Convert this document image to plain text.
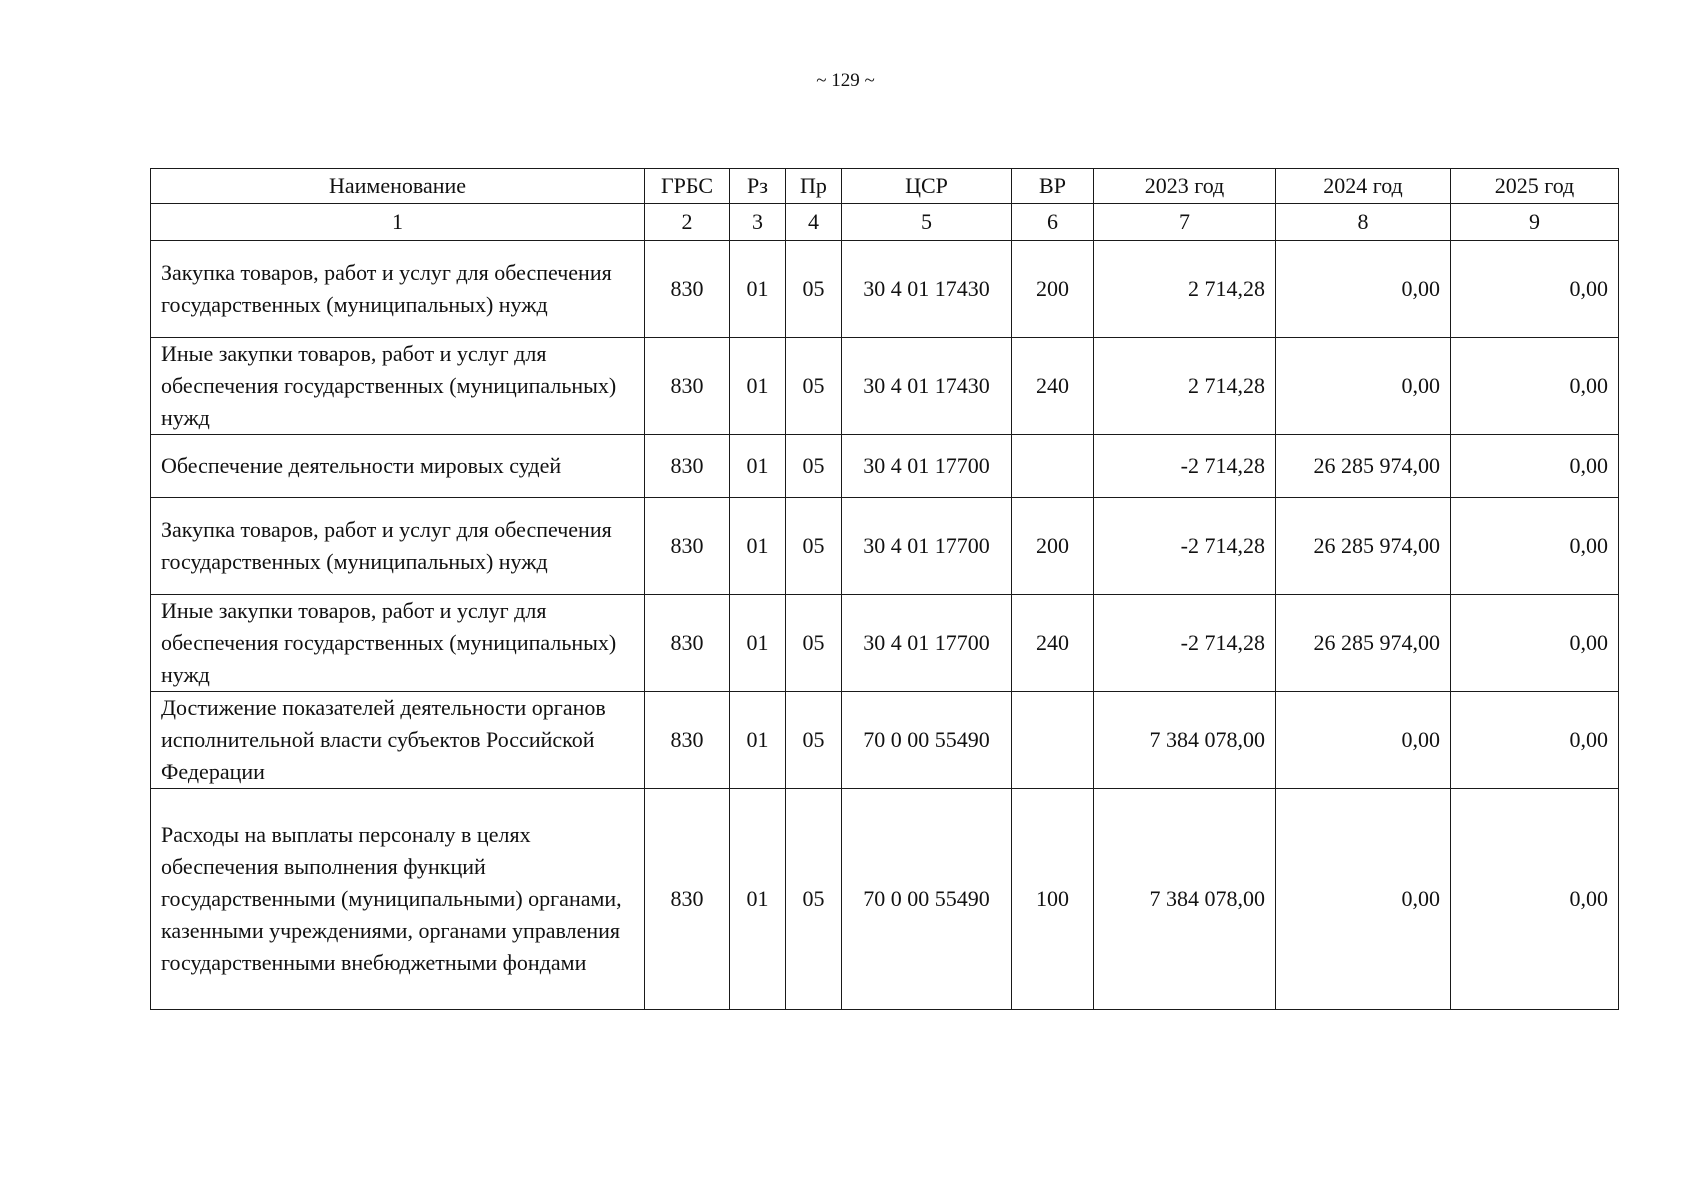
~ 129 ~
Наименование	ГРБС	Рз	Пр	ЦСР	ВР	2023 год	2024 год	2025 год
1	2	3	4	5	6	7	8	9
Закупка товаров, работ и услуг для обеспечения государственных (муниципальных) нужд	830	01	05	30 4 01 17430	200	2 714,28	0,00	0,00
Иные закупки товаров, работ и услуг для обеспечения государственных (муниципальных) нужд	830	01	05	30 4 01 17430	240	2 714,28	0,00	0,00
Обеспечение деятельности мировых судей	830	01	05	30 4 01 17700		-2 714,28	26 285 974,00	0,00
Закупка товаров, работ и услуг для обеспечения государственных (муниципальных) нужд	830	01	05	30 4 01 17700	200	-2 714,28	26 285 974,00	0,00
Иные закупки товаров, работ и услуг для обеспечения государственных (муниципальных) нужд	830	01	05	30 4 01 17700	240	-2 714,28	26 285 974,00	0,00
Достижение показателей деятельности органов исполнительной власти субъектов Российской Федерации	830	01	05	70 0 00 55490		7 384 078,00	0,00	0,00
Расходы на выплаты персоналу в целях обеспечения выполнения функций государственными (муниципальными) органами, казенными учреждениями, органами управления государственными внебюджетными фондами	830	01	05	70 0 00 55490	100	7 384 078,00	0,00	0,00
